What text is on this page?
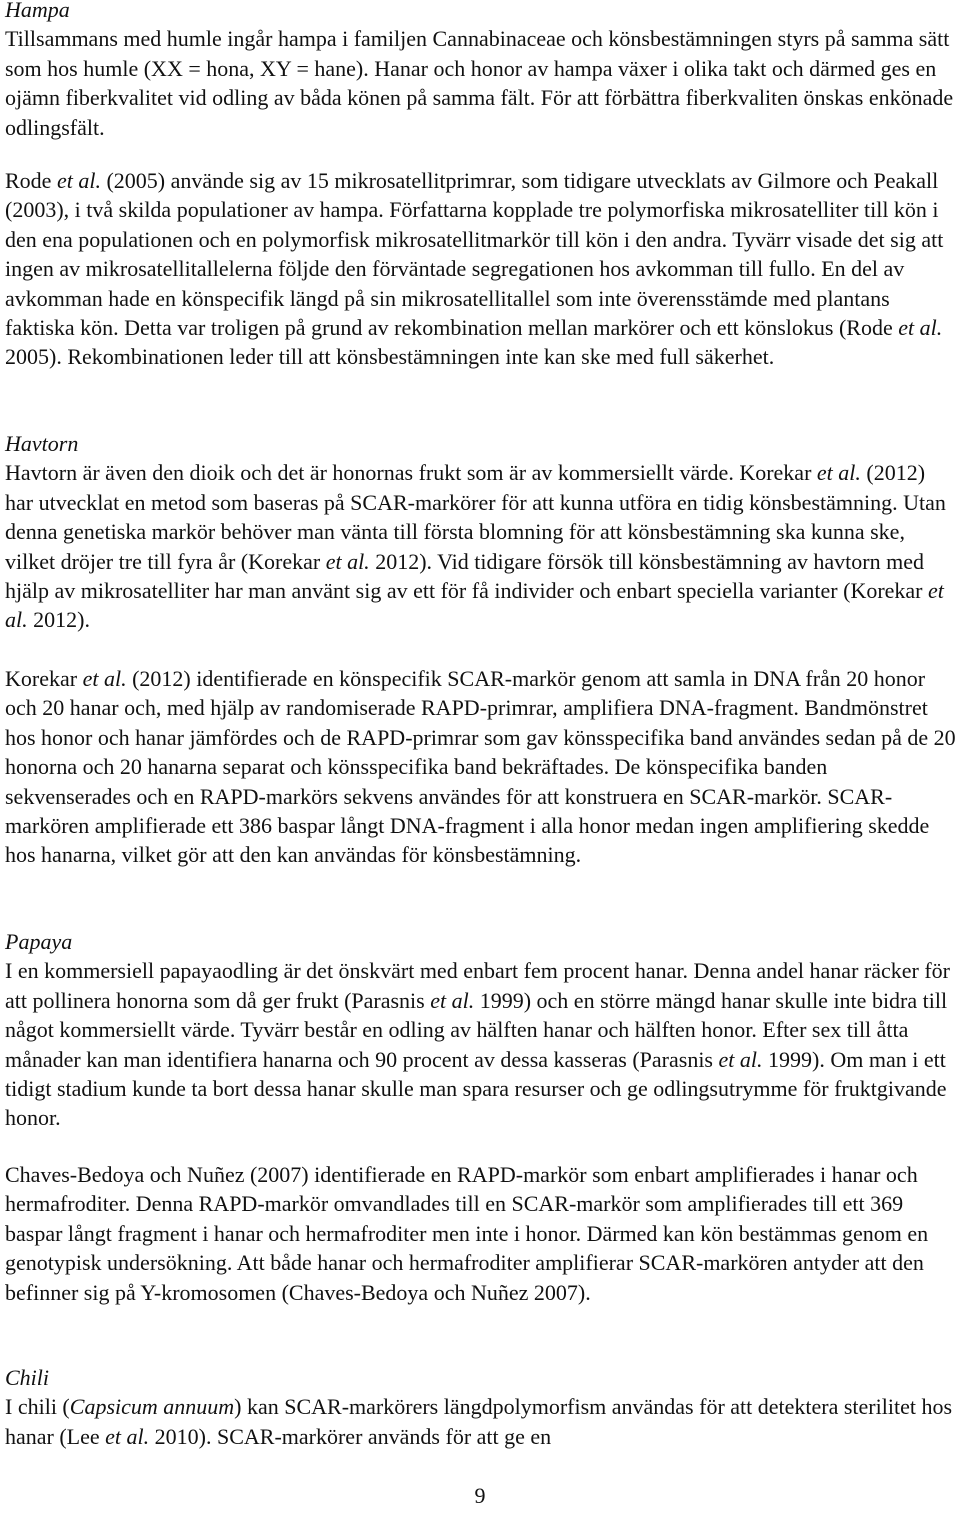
Hampa

Tillsammans med humle ingår hampa i familjen Cannabinaceae och könsbestämningen styrs på samma sätt som hos humle (XX = hona, XY = hane). Hanar och honor av hampa växer i olika takt och därmed ges en ojämn fiberkvalitet vid odling av båda könen på samma fält. För att förbättra fiberkvaliten önskas enkönade odlingsfält.

Rode et al. (2005) använde sig av 15 mikrosatellitprimrar, som tidigare utvecklats av Gilmore och Peakall (2003), i två skilda populationer av hampa. Författarna kopplade tre polymorfiska mikrosatelliter till kön i den ena populationen och en polymorfisk mikrosatellitmarkör till kön i den andra. Tyvärr visade det sig att ingen av mikrosatellitallelerna följde den förväntade segregationen hos avkomman till fullo. En del av avkomman hade en könspecifik längd på sin mikrosatellitallel som inte överensstämde med plantans faktiska kön. Detta var troligen på grund av rekombination mellan markörer och ett könslokus (Rode et al. 2005). Rekombinationen leder till att könsbestämningen inte kan ske med full säkerhet.

Havtorn

Havtorn är även den dioik och det är honornas frukt som är av kommersiellt värde. Korekar et al. (2012) har utvecklat en metod som baseras på SCAR-markörer för att kunna utföra en tidig könsbestämning. Utan denna genetiska markör behöver man vänta till första blomning för att könsbestämning ska kunna ske, vilket dröjer tre till fyra år (Korekar et al. 2012). Vid tidigare försök till könsbestämning av havtorn med hjälp av mikrosatelliter har man använt sig av ett för få individer och enbart speciella varianter (Korekar et al. 2012).

Korekar et al. (2012) identifierade en könspecifik SCAR-markör genom att samla in DNA från 20 honor och 20 hanar och, med hjälp av randomiserade RAPD-primrar, amplifiera DNA-fragment. Bandmönstret hos honor och hanar jämfördes och de RAPD-primrar som gav könsspecifika band användes sedan på de 20 honorna och 20 hanarna separat och könsspecifika band bekräftades. De könspecifika banden sekvenserades och en RAPD-markörs sekvens användes för att konstruera en SCAR-markör. SCAR-markören amplifierade ett 386 baspar långt DNA-fragment i alla honor medan ingen amplifiering skedde hos hanarna, vilket gör att den kan användas för könsbestämning.

Papaya

I en kommersiell papayaodling är det önskvärt med enbart fem procent hanar. Denna andel hanar räcker för att pollinera honorna som då ger frukt (Parasnis et al. 1999) och en större mängd hanar skulle inte bidra till något kommersiellt värde. Tyvärr består en odling av hälften hanar och hälften honor. Efter sex till åtta månader kan man identifiera hanarna och 90 procent av dessa kasseras (Parasnis et al. 1999). Om man i ett tidigt stadium kunde ta bort dessa hanar skulle man spara resurser och ge odlingsutrymme för fruktgivande honor.

Chaves-Bedoya och Nuñez (2007) identifierade en RAPD-markör som enbart amplifierades i hanar och hermafroditer. Denna RAPD-markör omvandlades till en SCAR-markör som amplifierades till ett 369 baspar långt fragment i hanar och hermafroditer men inte i honor. Därmed kan kön bestämmas genom en genotypisk undersökning. Att både hanar och hermafroditer amplifierar SCAR-markören antyder att den befinner sig på Y-kromosomen (Chaves-Bedoya och Nuñez 2007).

Chili

I chili (Capsicum annuum) kan SCAR-markörers längdpolymorfism användas för att detektera sterilitet hos hanar (Lee et al. 2010). SCAR-markörer används för att ge en

9
